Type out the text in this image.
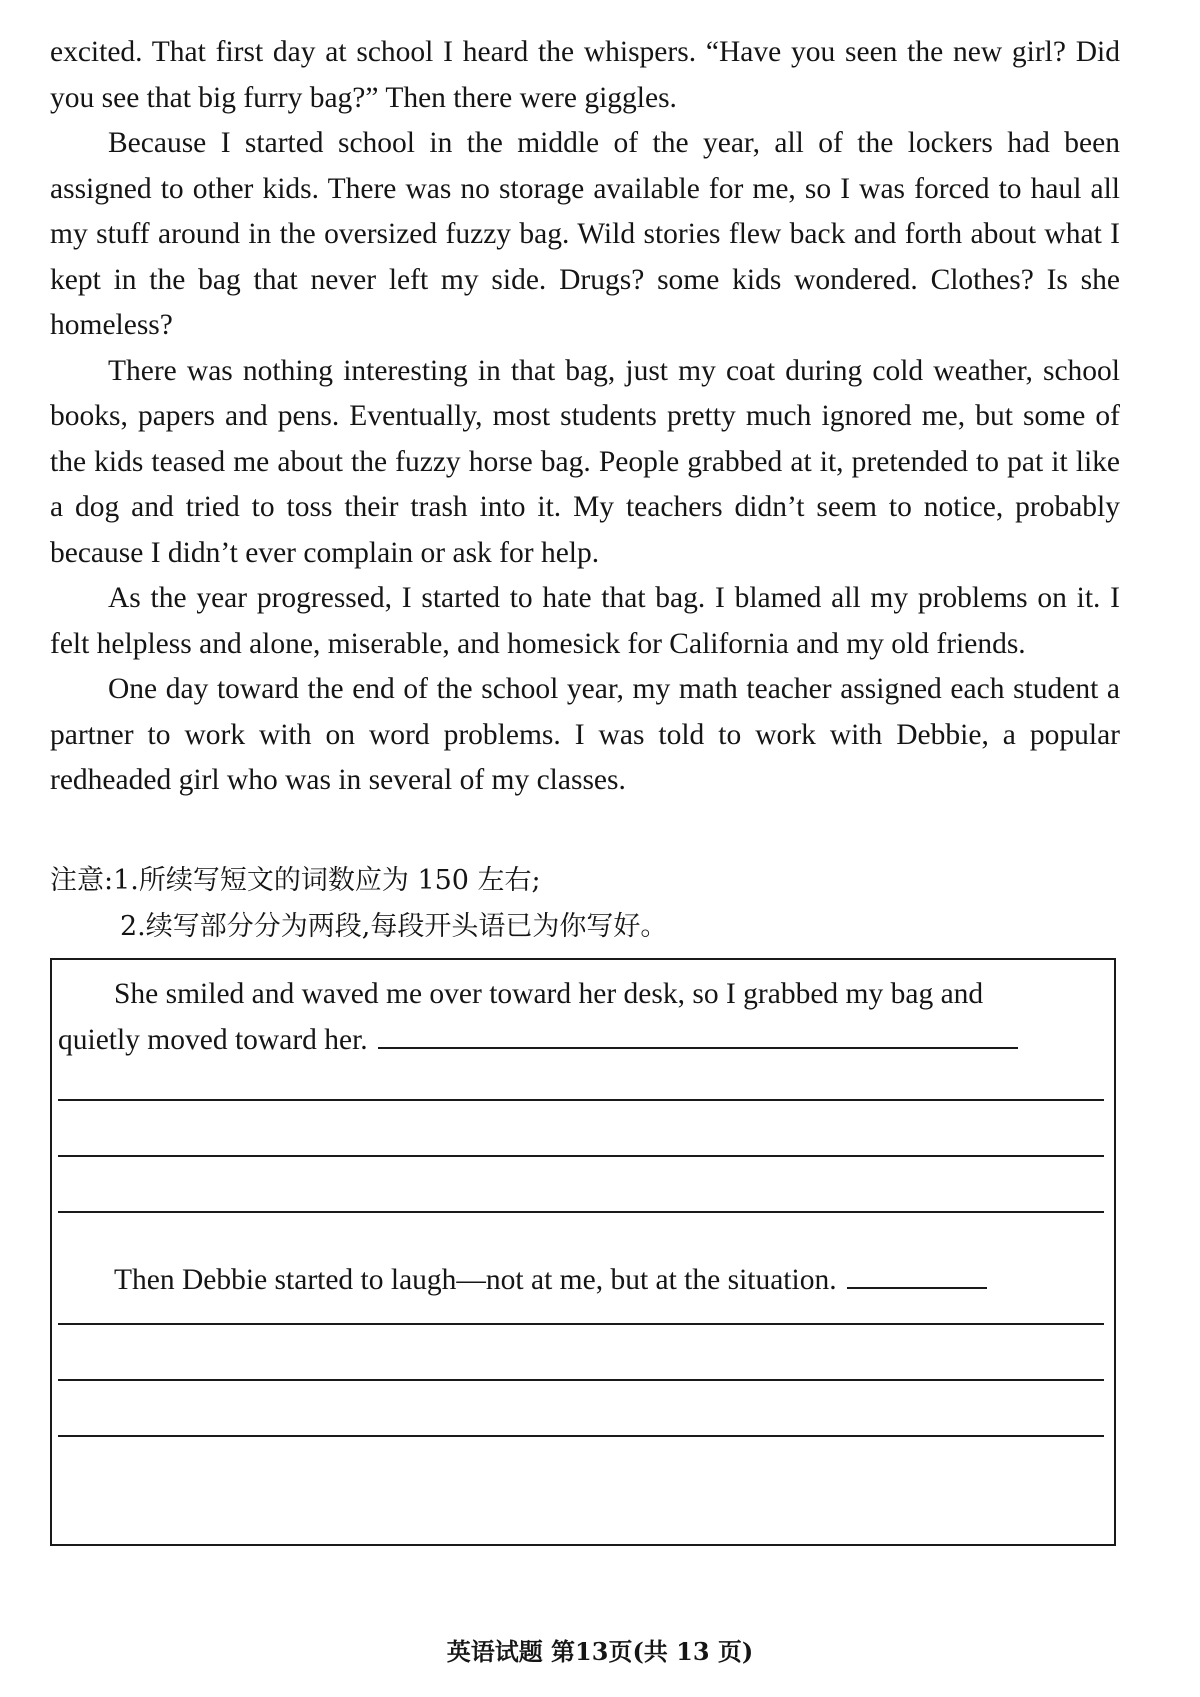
excited. That first day at school I heard the whispers. “Have you seen the new girl? Did you see that big furry bag?” Then there were giggles.

Because I started school in the middle of the year, all of the lockers had been assigned to other kids. There was no storage available for me, so I was forced to haul all my stuff around in the oversized fuzzy bag. Wild stories flew back and forth about what I kept in the bag that never left my side. Drugs? some kids wondered. Clothes? Is she homeless?

There was nothing interesting in that bag, just my coat during cold weather, school books, papers and pens. Eventually, most students pretty much ignored me, but some of the kids teased me about the fuzzy horse bag. People grabbed at it, pretended to pat it like a dog and tried to toss their trash into it. My teachers didn’t seem to notice, probably because I didn’t ever complain or ask for help.

As the year progressed, I started to hate that bag. I blamed all my problems on it. I felt helpless and alone, miserable, and homesick for California and my old friends.

One day toward the end of the school year, my math teacher assigned each student a partner to work with on word problems. I was told to work with Debbie, a popular redheaded girl who was in several of my classes.

注意:1.所续写短文的词数应为 150 左右;
2.续写部分分为两段,每段开头语已为你写好。
She smiled and waved me over toward her desk, so I grabbed my bag and
quietly moved toward her.
Then Debbie started to laugh—not at me, but at the situation.
英语试题 第13页(共 13 页)
